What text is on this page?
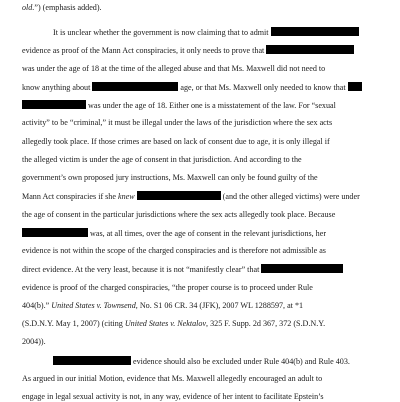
old.”) (emphasis added).
It is unclear whether the government is now claiming that to admit
evidence as proof of the Mann Act conspiracies, it only needs to prove that
was under the age of 18 at the time of the alleged abuse and that Ms. Maxwell did not need to
know anything about	age, or that Ms. Maxwell only needed to know that
was under the age of 18. Either one is a misstatement of the law. For “sexual
activity” to be “criminal,” it must be illegal under the laws of the jurisdiction where the sex acts
allegedly took place. If those crimes are based on lack of consent due to age, it is only illegal if
the alleged victim is under the age of consent in that jurisdiction. And according to the
government’s own proposed jury instructions, Ms. Maxwell can only be found guilty of the
Mann Act conspiracies if she knew	(and the other alleged victims) were under
the age of consent in the particular jurisdictions where the sex acts allegedly took place. Because
was, at all times, over the age of consent in the relevant jurisdictions, her
evidence is not within the scope of the charged conspiracies and is therefore not admissible as
direct evidence. At the very least, because it is not “manifestly clear” that
evidence is proof of the charged conspiracies, “the proper course is to proceed under Rule
404(b).” United States v. Townsend, No. S1 06 CR. 34 (JFK), 2007 WL 1288597, at *1
(S.D.N.Y. May 1, 2007) (citing United States v. Nektalov, 325 F. Supp. 2d 367, 372 (S.D.N.Y.
2004)).
evidence should also be excluded under Rule 404(b) and Rule 403.
As argued in our initial Motion, evidence that Ms. Maxwell allegedly encouraged an adult to
engage in legal sexual activity is not, in any way, evidence of her intent to facilitate Epstein’s
